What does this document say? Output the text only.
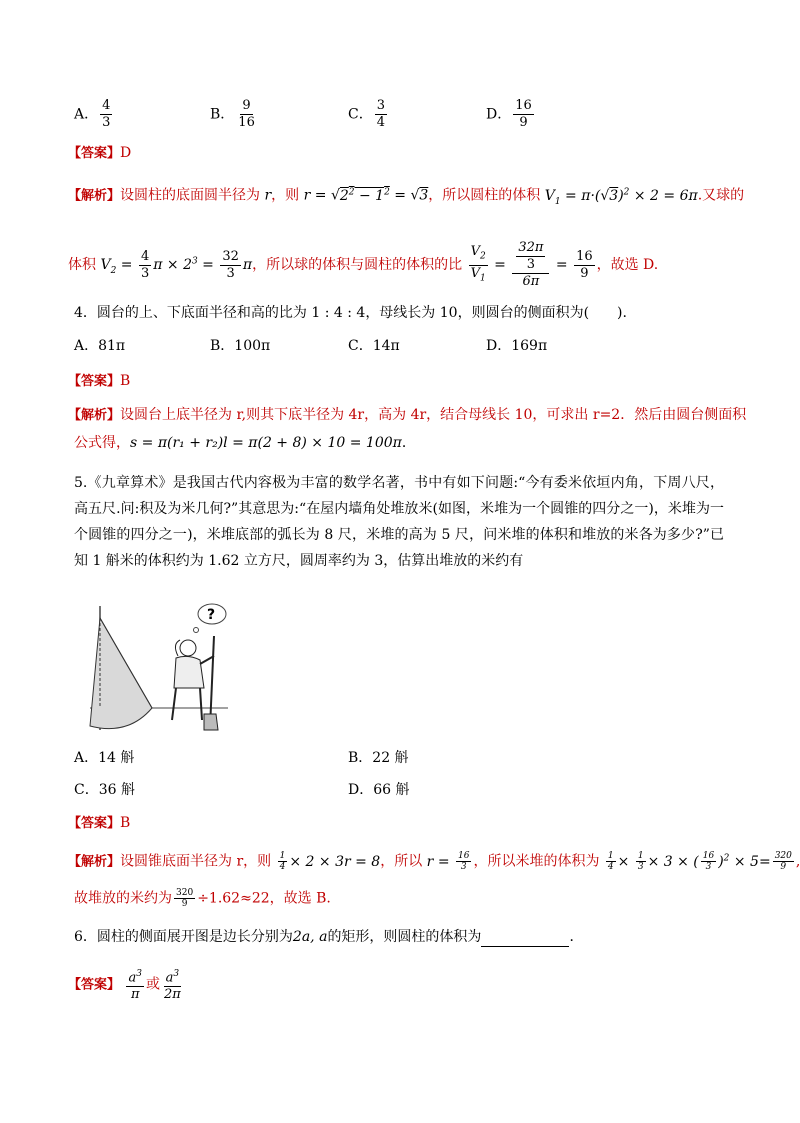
A． $\frac{4}{3}$	B． $\frac{9}{16}$	C． $\frac{3}{4}$	D． $\frac{16}{9}$
【答案】D
【解析】设圆柱的底面圆半径为 r，则 $r = √2^2 - 1^2 = √3$，所以圆柱的体积 $V_1 = \pi\cdot(√3)^2 \times 2 = 6\pi$.又球的
体积 $V_2 = \frac{4}{3}$ $\pi \times 2^3 = \frac{32}{3}$ π，所以球的体积与圆柱的体积的比 $\frac{V_2}{V_1} = \frac{\frac{32\pi}{3}}{6\pi} = \frac{16}{9}$ ，故选 D.
4．圆台的上、下底面半径和高的比为 1 : 4 : 4，母线长为 10，则圆台的侧面积为(　　).
A．81π	B．100π	C．14π	D．169π
【答案】B
【解析】设圆台上底半径为 r,则其下底半径为 4r，高为 4r，结合母线长 10，可求出 r=2．然后由圆台侧面积
公式得，s = π(r₁ + r₂)l = π(2 + 8) × 10 = 100π．
5.《九章算术》是我国古代内容极为丰富的数学名著，书中有如下问题:“今有委米依垣内角，下周八尺，高五尺.问:积及为米几何?”其意思为:“在屋内墙角处堆放米(如图，米堆为一个圆锥的四分之一)，米堆为一个圆锥的四分之一)，米堆底部的弧长为 8 尺，米堆的高为 5 尺，问米堆的体积和堆放的米各为多少?”已知 1 斛米的体积约为 1.62 立方尺，圆周率约为 3，估算出堆放的米约有
?
A．14 斛	B．22 斛
C．36 斛	D．66 斛
【答案】B
【解析】设圆锥底面半径为 r，则 $\frac{1}{4} \times 2 \times 3r = 8$，所以 $r = \frac{16}{3}$ ，所以米堆的体积为 $\frac{1}{4} \times \frac{1}{3} \times 3$ × ( $\frac{16}{3} )^2 \times 5= \frac{320}{9}$ ,
故堆放的米约为 $\frac{320}{9} \div 1.62\approx 22$，故选 B.
6．圆柱的侧面展开图是边长分别为2a, a的矩形，则圆柱的体积为	．
【答案】 $\frac{a^3}{\pi}$ 或 $\frac{a^3}{2\pi}$
